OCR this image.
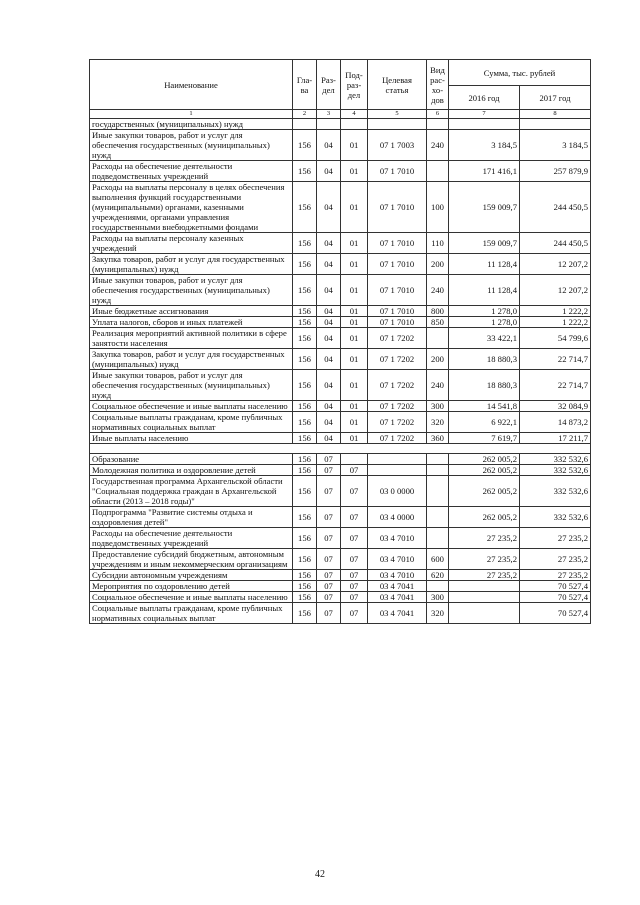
Наименование	Гла-ва	Раз-дел	Под-раз-дел	Целевая статья	Вид рас-хо-дов	Сумма, тыс. рублей	
						2016 год	2017 год
1	2	3	4	5	6	7	8
государственных (муниципальных) нужд							
Иные закупки товаров, работ и услуг для обеспечения государственных (муниципальных) нужд	156	04	01	07 1 7003	240	3 184,5	3 184,5
Расходы на обеспечение деятельности подведомственных учреждений	156	04	01	07 1 7010		171 416,1	257 879,9
Расходы на выплаты персоналу в целях обеспечения выполнения функций государственными (муниципальными) органами, казенными учреждениями, органами управления государственными внебюджетными фондами	156	04	01	07 1 7010	100	159 009,7	244 450,5
Расходы на выплаты персоналу казенных учреждений	156	04	01	07 1 7010	110	159 009,7	244 450,5
Закупка товаров, работ и услуг для государственных (муниципальных) нужд	156	04	01	07 1 7010	200	11 128,4	12 207,2
Иные закупки товаров, работ и услуг для обеспечения государственных (муниципальных) нужд	156	04	01	07 1 7010	240	11 128,4	12 207,2
Иные бюджетные ассигнования	156	04	01	07 1 7010	800	1 278,0	1 222,2
Уплата налогов, сборов и иных платежей	156	04	01	07 1 7010	850	1 278,0	1 222,2
Реализация мероприятий активной политики в сфере занятости населения	156	04	01	07 1 7202		33 422,1	54 799,6
Закупка товаров, работ и услуг для государственных (муниципальных) нужд	156	04	01	07 1 7202	200	18 880,3	22 714,7
Иные закупки товаров, работ и услуг для обеспечения государственных (муниципальных) нужд	156	04	01	07 1 7202	240	18 880,3	22 714,7
Социальное обеспечение и иные выплаты населению	156	04	01	07 1 7202	300	14 541,8	32 084,9
Социальные выплаты гражданам, кроме публичных нормативных социальных выплат	156	04	01	07 1 7202	320	6 922,1	14 873,2
Иные выплаты населению	156	04	01	07 1 7202	360	7 619,7	17 211,7

Образование	156	07				262 005,2	332 532,6
Молодежная политика и оздоровление детей	156	07	07			262 005,2	332 532,6
Государственная программа Архангельской области "Социальная поддержка граждан в Архангельской области (2013 – 2018 годы)"	156	07	07	03 0 0000		262 005,2	332 532,6
Подпрограмма "Развитие системы отдыха и оздоровления детей"	156	07	07	03 4 0000		262 005,2	332 532,6
Расходы на обеспечение деятельности подведомственных учреждений	156	07	07	03 4 7010		27 235,2	27 235,2
Предоставление субсидий бюджетным, автономным учреждениям и иным некоммерческим организациям	156	07	07	03 4 7010	600	27 235,2	27 235,2
Субсидии автономным учреждениям	156	07	07	03 4 7010	620	27 235,2	27 235,2
Мероприятия по оздоровлению детей	156	07	07	03 4 7041			70 527,4
Социальное обеспечение и иные выплаты населению	156	07	07	03 4 7041	300		70 527,4
Социальные выплаты гражданам, кроме публичных нормативных социальных выплат	156	07	07	03 4 7041	320		70 527,4
42
